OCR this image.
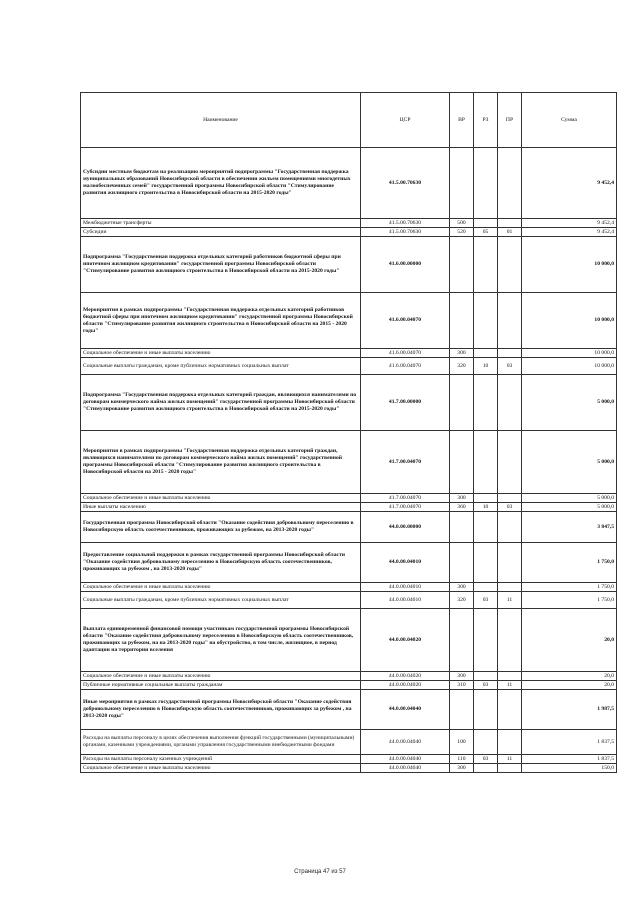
Наименование	ЦСР	ВР	РЗ	ПР	Сумма
Субсидии местным бюджетам на реализацию мероприятий подпрограммы "Государственная поддержка муниципальных образований Новосибирской области в обеспечении жильем помещениями многодетных малообеспеченных семей" государственной программы Новосибирской области "Стимулирование развития жилищного строительства в Новосибирской области на 2015-2020 годы"	41.5.00.70630				9 452,4
Межбюджетные трансферты	41.5.00.70630	500			9 452,4
Субсидии	41.5.00.70630	520	05	01	9 452,4
Подпрограмма "Государственная поддержка отдельных категорий работников бюджетной сферы при ипотечном жилищном кредитовании" государственной программы Новосибирской области "Стимулирование развития жилищного строительства в Новосибирской области на 2015-2020 годы"	41.6.00.00000				10 000,0
Мероприятия в рамках подпрограммы "Государственная поддержка отдельных категорий работников бюджетной сферы при ипотечном жилищном кредитовании" государственной программы Новосибирской области "Стимулирование развития жилищного строительства в Новосибирской области на 2015 - 2020 годы"	41.6.00.04070				10 000,0
Социальное обеспечение и иные выплаты населению	41.6.00.04070	300			10 000,0
Социальные выплаты гражданам, кроме публичных нормативных социальных выплат	41.6.00.04070	320	10	03	10 000,0
Подпрограмма "Государственная поддержка отдельных категорий граждан, являющихся нанимателями по договорам коммерческого найма жилых помещений" государственной программы Новосибирской области "Стимулирование развития жилищного строительства в Новосибирской области на 2015-2020 годы"	41.7.00.00000				5 000,0
Мероприятия в рамках подпрограммы "Государственная поддержка отдельных категорий граждан, являющихся нанимателями по договорам коммерческого найма жилых помещений" государственной программы Новосибирской области "Стимулирование развития жилищного строительства в Новосибирской области на 2015 - 2020 годы"	41.7.00.04070				5 000,0
Социальное обеспечение и иные выплаты населению	41.7.00.04070	300			5 000,0
Иные выплаты населению	41.7.00.04070	360	10	03	5 000,0
Государственная программа Новосибирской области "Оказание содействия добровольному переселению в Новосибирскую область соотечественников, проживающих за рубежом, на 2013-2020 годы"	44.0.00.00000				3 847,5
Предоставление социальной поддержки в рамках государственной программы Новосибирской области "Оказание содействия добровольному переселению в Новосибирскую область соотечественников, проживающих за рубежом , на 2013-2020 годы"	44.0.00.04010				1 750,0
Социальное обеспечение и иные выплаты населению	44.0.00.04010	300			1 750,0
Социальные выплаты гражданам, кроме публичных нормативных социальных выплат	44.0.00.04010	320	03	11	1 750,0
Выплата единовременной финансовой помощи участникам государственной программы Новосибирской области "Оказание содействия добровольному переселению в Новосибирскую область соотечественников, проживающих за рубежом, на на 2013-2020 годы" на обустройство, в том числе, жилищное, в период адаптации на территории вселения	44.0.00.04020				20,0
Социальное обеспечение и иные выплаты населению	44.0.00.04020	300			20,0
Публичные нормативные социальные выплаты гражданам	44.0.00.04020	310	03	11	20,0
Иные мероприятия в рамках государственной программы Новосибирской области "Оказание содействия добровольному переселению в Новосибирскую область соотечественников, проживающих за рубежом , на 2013-2020 годы"	44.0.00.04040				1 987,5
Расходы на выплаты персоналу в целях обеспечения выполнения функций государственными (муниципальными) органами, казенными учреждениями, органами управления государственными внебюджетными фондами	44.0.00.04040	100			1 837,5
Расходы на выплаты персоналу казенных учреждений	44.0.00.04040	110	03	11	1 837,5
Социальное обеспечение и иные выплаты населению	44.0.00.04040	300			150,0
Страница 47 из 57
